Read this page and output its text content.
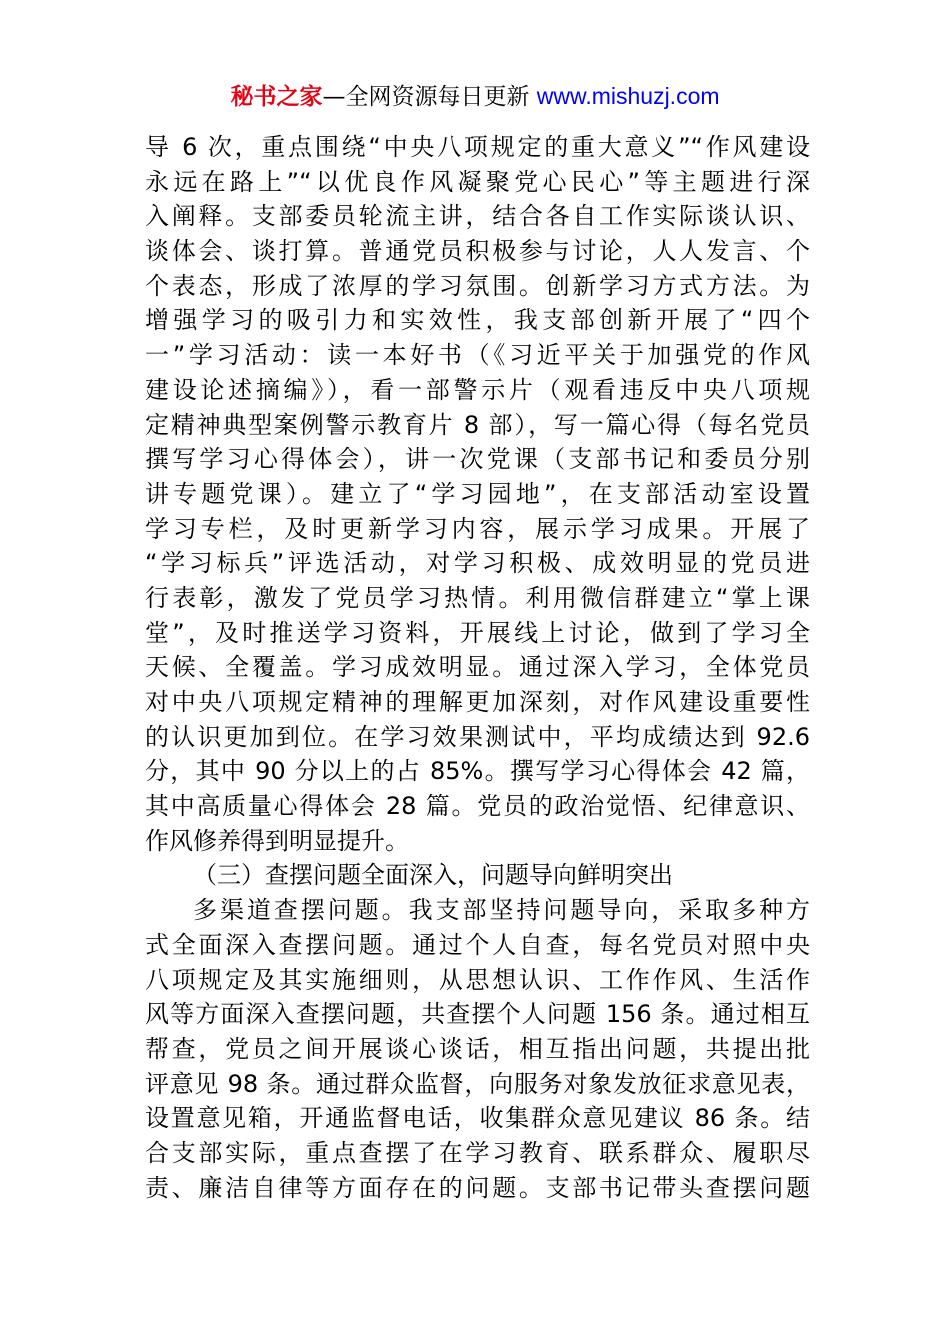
秘书之家—全网资源每日更新 www.mishuzj.com
导 6 次，重点围绕“中央八项规定的重大意义”“作风建设
永远在路上”“以优良作风凝聚党心民心”等主题进行深
入阐释。支部委员轮流主讲，结合各自工作实际谈认识、
谈体会、谈打算。普通党员积极参与讨论，人人发言、个
个表态，形成了浓厚的学习氛围。创新学习方式方法。为
增强学习的吸引力和实效性，我支部创新开展了“四个
一”学习活动：读一本好书（《习近平关于加强党的作风
建设论述摘编》），看一部警示片（观看违反中央八项规
定精神典型案例警示教育片 8 部），写一篇心得（每名党员
撰写学习心得体会），讲一次党课（支部书记和委员分别
讲专题党课）。建立了“学习园地”，在支部活动室设置
学习专栏，及时更新学习内容，展示学习成果。开展了
“学习标兵”评选活动，对学习积极、成效明显的党员进
行表彰，激发了党员学习热情。利用微信群建立“掌上课
堂”，及时推送学习资料，开展线上讨论，做到了学习全
天候、全覆盖。学习成效明显。通过深入学习，全体党员
对中央八项规定精神的理解更加深刻，对作风建设重要性
的认识更加到位。在学习效果测试中，平均成绩达到 92.6
分，其中 90 分以上的占 85%。撰写学习心得体会 42 篇，
其中高质量心得体会 28 篇。党员的政治觉悟、纪律意识、
作风修养得到明显提升。
（三）查摆问题全面深入，问题导向鲜明突出
多渠道查摆问题。我支部坚持问题导向，采取多种方
式全面深入查摆问题。通过个人自查，每名党员对照中央
八项规定及其实施细则，从思想认识、工作作风、生活作
风等方面深入查摆问题，共查摆个人问题 156 条。通过相互
帮查，党员之间开展谈心谈话，相互指出问题，共提出批
评意见 98 条。通过群众监督，向服务对象发放征求意见表，
设置意见箱，开通监督电话，收集群众意见建议 86 条。结
合支部实际，重点查摆了在学习教育、联系群众、履职尽
责、廉洁自律等方面存在的问题。支部书记带头查摆问题
